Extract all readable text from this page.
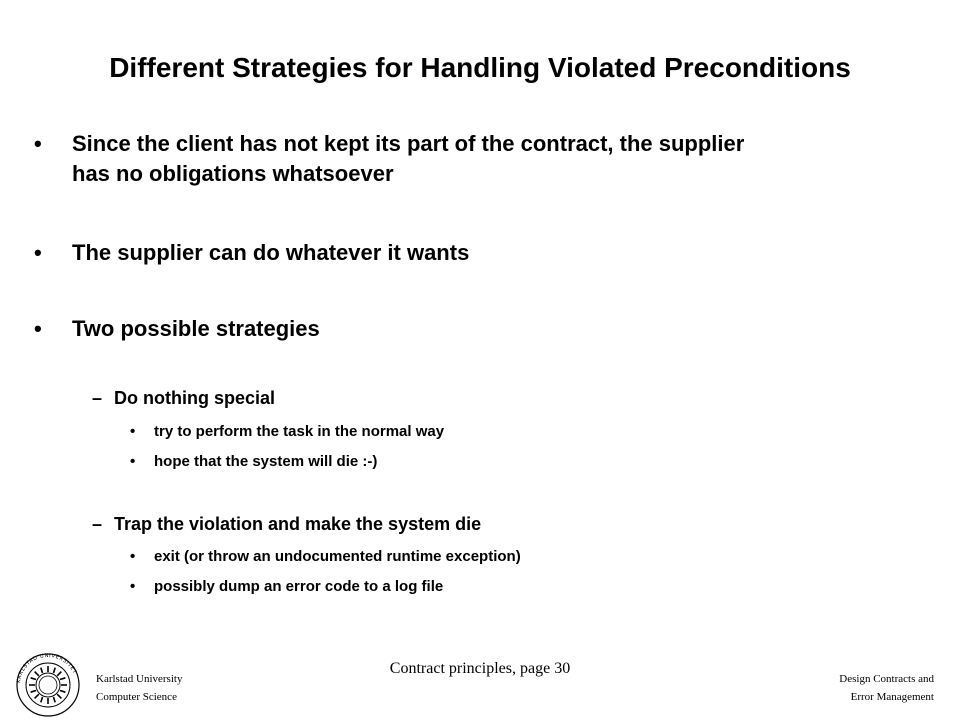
Different Strategies for Handling Violated Preconditions
• Since the client has not kept its part of the contract, the supplier
has no obligations whatsoever
• The supplier can do whatever it wants
• Two possible strategies
– Do nothing special
• try to perform the task in the normal way
• hope that the system will die :-)
– Trap the violation and make the system die
• exit (or throw an undocumented runtime exception)
• possibly dump an error code to a log file
KARLSTAD UNIVERSITET
Karlstad University
Computer Science
Contract principles, page 30
Design Contracts and
Error Management
